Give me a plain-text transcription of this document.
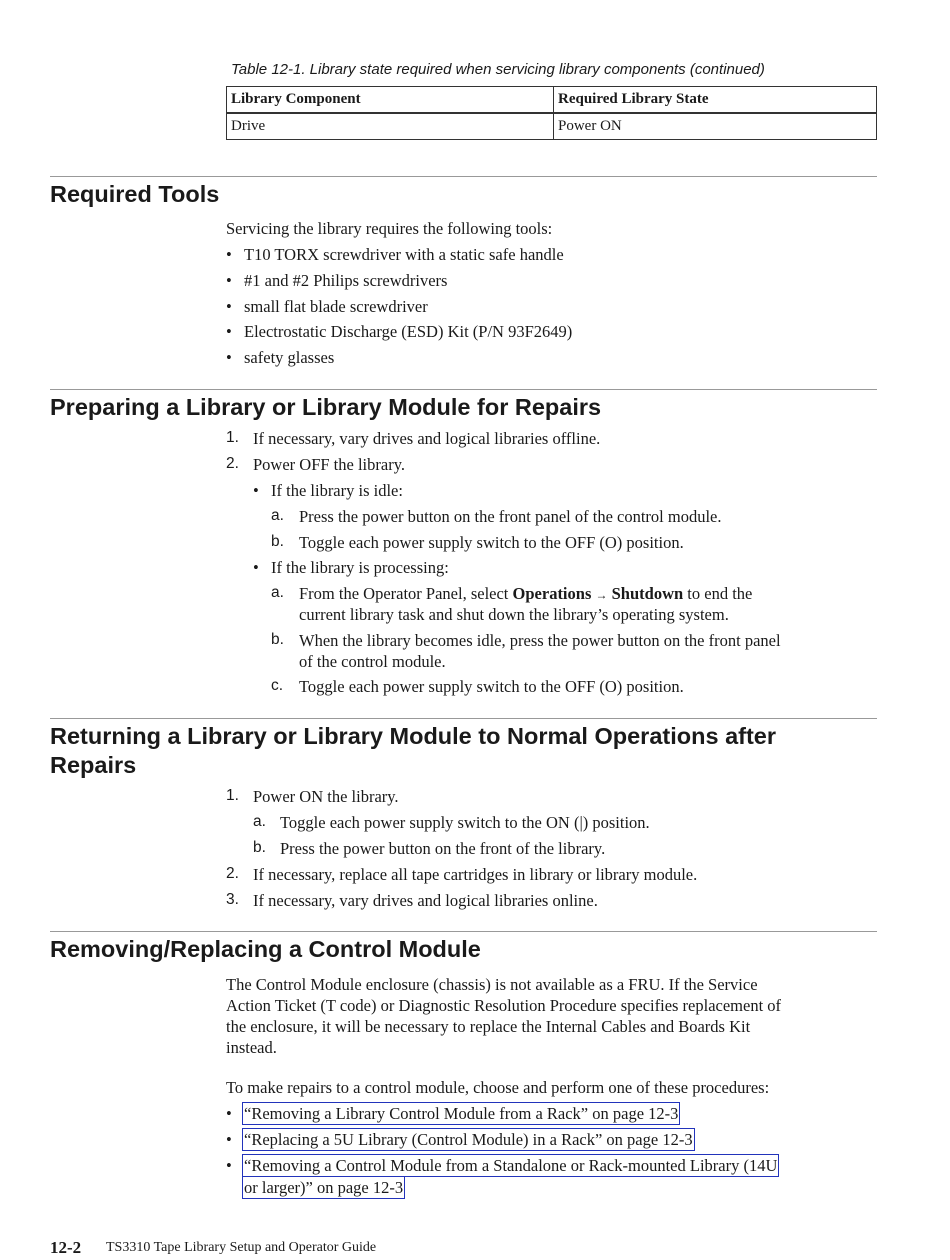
Table 12-1. Library state required when servicing library components (continued)
Library Component	Required Library State
Drive	Power ON
Required Tools
Servicing the library requires the following tools:
• T10 TORX screwdriver with a static safe handle
• #1 and #2 Philips screwdrivers
• small flat blade screwdriver
• Electrostatic Discharge (ESD) Kit (P/N 93F2649)
• safety glasses
Preparing a Library or Library Module for Repairs
1. If necessary, vary drives and logical libraries offline.
2. Power OFF the library.
• If the library is idle:
a. Press the power button on the front panel of the control module.
b. Toggle each power supply switch to the OFF (O) position.
• If the library is processing:
a. From the Operator Panel, select Operations → Shutdown to end the
current library task and shut down the library’s operating system.
b. When the library becomes idle, press the power button on the front panel
of the control module.
c. Toggle each power supply switch to the OFF (O) position.
Returning a Library or Library Module to Normal Operations after
Repairs
1. Power ON the library.
a. Toggle each power supply switch to the ON (|) position.
b. Press the power button on the front of the library.
2. If necessary, replace all tape cartridges in library or library module.
3. If necessary, vary drives and logical libraries online.
Removing/Replacing a Control Module
The Control Module enclosure (chassis) is not available as a FRU. If the Service
Action Ticket (T code) or Diagnostic Resolution Procedure specifies replacement of
the enclosure, it will be necessary to replace the Internal Cables and Boards Kit
instead.
To make repairs to a control module, choose and perform one of these procedures:
• “Removing a Library Control Module from a Rack” on page 12-3
• “Replacing a 5U Library (Control Module) in a Rack” on page 12-3
• “Removing a Control Module from a Standalone or Rack-mounted Library (14U
or larger)” on page 12-3
12-2 TS3310 Tape Library Setup and Operator Guide
